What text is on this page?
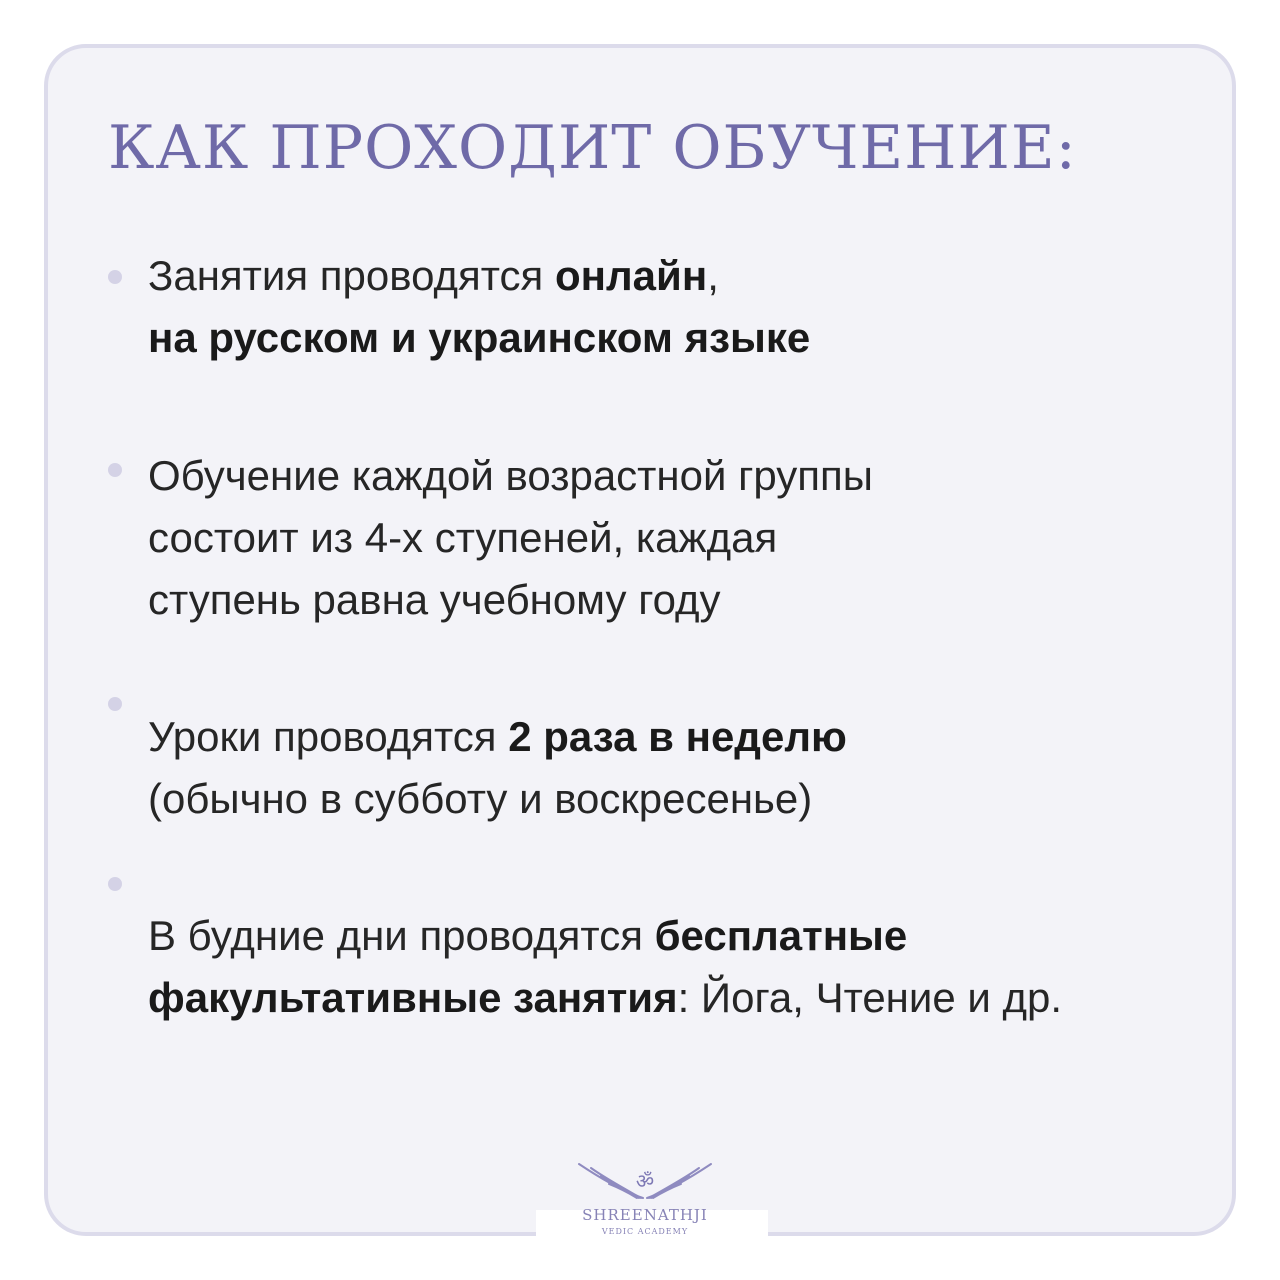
КАК ПРОХОДИТ ОБУЧЕНИЕ:
Занятия проводятся онлайн,
на русском и украинском языке
Обучение каждой возрастной группы
состоит из 4-х ступеней, каждая
ступень равна учебному году
Уроки проводятся 2 раза в неделю
(обычно в субботу и воскресенье)
В будние дни проводятся бесплатные
факультативные занятия: Йога, Чтение и др.
ॐ
SHREENATHJI
VEDIC ACADEMY
